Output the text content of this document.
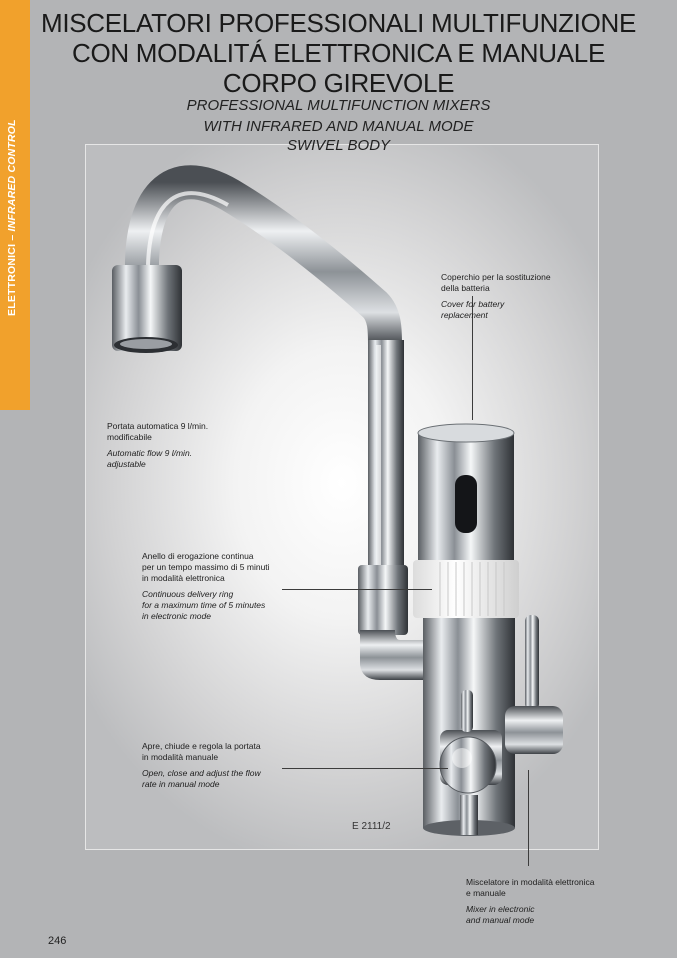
ELETTRONICI – INFRARED CONTROL
MISCELATORI PROFESSIONALI MULTIFUNZIONE
CON MODALITÁ ELETTRONICA E MANUALE
CORPO GIREVOLE
PROFESSIONAL MULTIFUNCTION MIXERS
WITH INFRARED AND MANUAL MODE
SWIVEL BODY
Coperchio per la sostituzione
della batteria
Cover for battery
replacement
Portata automatica 9 l/min.
modificabile
Automatic flow 9 l/min.
adjustable
Anello di erogazione continua
per un tempo massimo di 5 minuti
in modalità elettronica
Continuous delivery ring
for a maximum time of 5 minutes
in electronic mode
Apre, chiude e regola la portata
in modalità manuale
Open, close and adjust the flow
rate in manual mode
Miscelatore in modalità elettronica
e manuale
Mixer in electronic
and manual mode
E 2111/2
246
